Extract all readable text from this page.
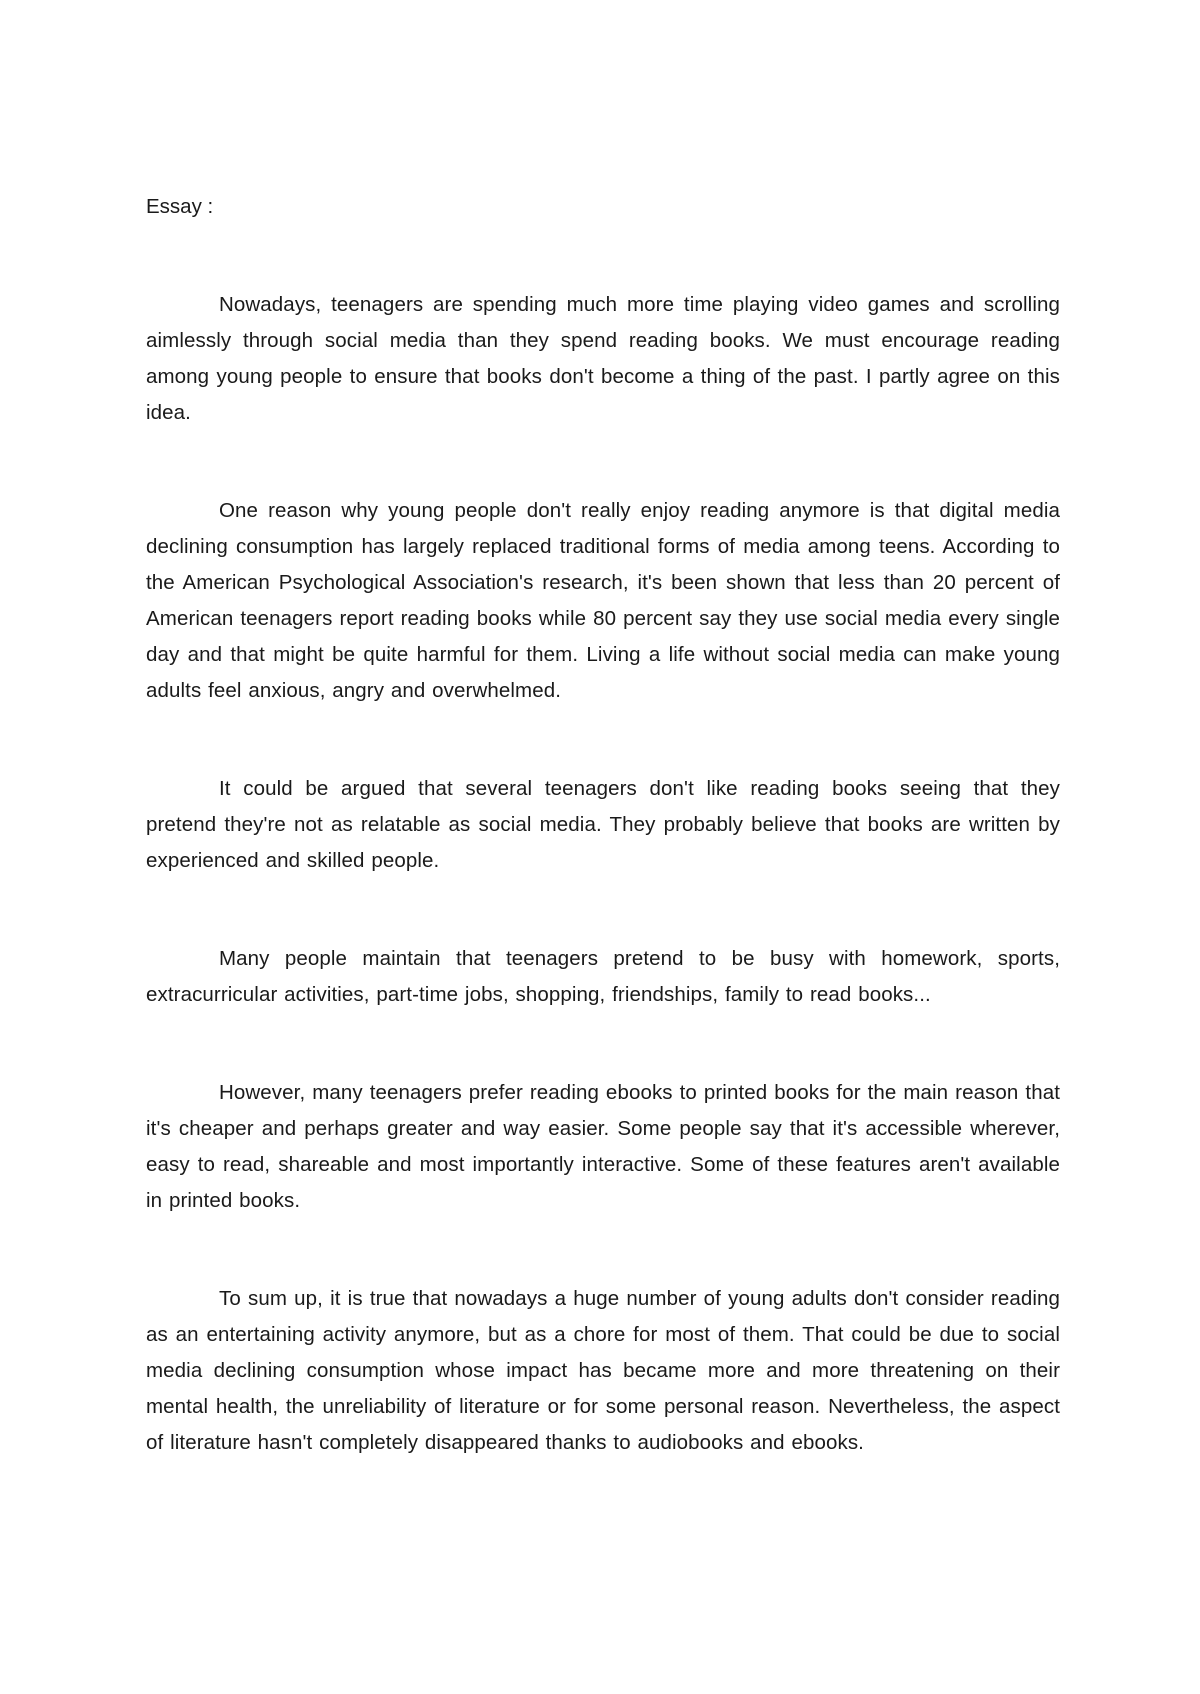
Essay :

Nowadays, teenagers are spending much more time playing video games and scrolling aimlessly through social media than they spend reading books. We must encourage reading among young people to ensure that books don't become a thing of the past. I partly agree on this idea.

One reason why young people don't really enjoy reading anymore is that digital media declining consumption has largely replaced traditional forms of media among teens. According to the American Psychological Association's research, it's been shown that less than 20 percent of American teenagers report reading books while 80 percent say they use social media every single day and that might be quite harmful for them. Living a life without social media can make young adults feel anxious, angry and overwhelmed.

It could be argued that several teenagers don't like reading books seeing that they pretend they're not as relatable as social media. They probably believe that books are written by experienced and skilled people.

Many people maintain that teenagers pretend to be busy with homework, sports, extracurricular activities, part-time jobs, shopping, friendships, family to read books...

However, many teenagers prefer reading ebooks to printed books for the main reason that it's cheaper and perhaps greater and way easier. Some people say that it's accessible wherever, easy to read, shareable and most importantly interactive. Some of these features aren't available in printed books.

To sum up, it is true that nowadays a huge number of young adults don't consider reading as an entertaining activity anymore, but as a chore for most of them. That could be due to social media declining consumption whose impact has became more and more threatening on their mental health, the unreliability of literature or for some personal reason. Nevertheless, the aspect of literature hasn't completely disappeared thanks to audiobooks and ebooks.
